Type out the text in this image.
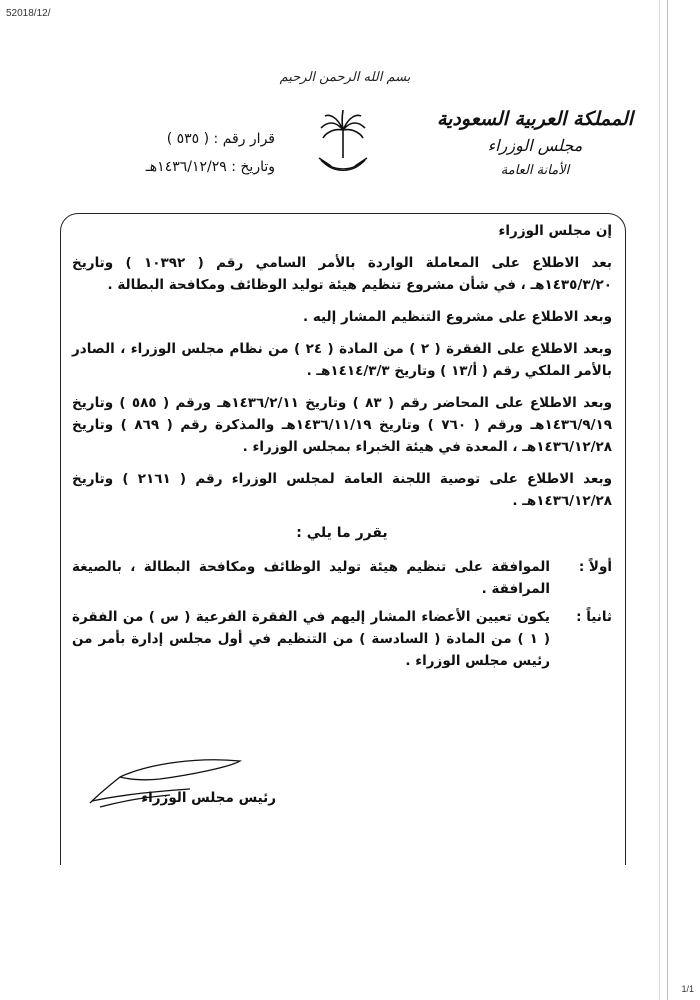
52018/12/
بسم الله الرحمن الرحيم
المملكة العربية السعودية
مجلس الوزراء
الأمانة العامة
قرار رقم : ( ٥٣٥ )
وتاريخ : ١٤٣٦/١٢/٢٩هـ

إن مجلس الوزراء

بعد الاطلاع على المعاملة الواردة بالأمر السامي رقم ( ١٠٣٩٢ ) وتاريخ ١٤٣٥/٣/٢٠هـ ، في شأن مشروع تنظيم هيئة توليد الوظائف ومكافحة البطالة .

وبعد الاطلاع على مشروع التنظيم المشار إليه .

وبعد الاطلاع على الفقرة ( ٢ ) من المادة ( ٢٤ ) من نظام مجلس الوزراء ، الصادر بالأمر الملكي رقم ( أ/١٣ ) وتاريخ ١٤١٤/٣/٣هـ .

وبعد الاطلاع على المحاضر رقم ( ٨٣ ) وتاريخ ١٤٣٦/٢/١١هـ ورقم ( ٥٨٥ ) وتاريخ ١٤٣٦/٩/١٩هـ ورقم ( ٧٦٠ ) وتاريخ ١٤٣٦/١١/١٩هـ والمذكرة رقم ( ٨٦٩ ) وتاريخ ١٤٣٦/١٢/٢٨هـ ، المعدة في هيئة الخبراء بمجلس الوزراء .

وبعد الاطلاع على توصية اللجنة العامة لمجلس الوزراء رقم ( ٢١٦١ ) وتاريخ ١٤٣٦/١٢/٢٨هـ .

يقرر ما يلي :
أولاً :
الموافقة على تنظيم هيئة توليد الوظائف ومكافحة البطالة ، بالصيغة المرافقة .
ثانياً :
يكون تعيين الأعضاء المشار إليهم في الفقرة الفرعية ( س ) من الفقرة ( ١ ) من المادة ( السادسة ) من التنظيم في أول مجلس إدارة بأمر من رئيس مجلس الوزراء .
رئيس مجلس الوزراء
1/1
